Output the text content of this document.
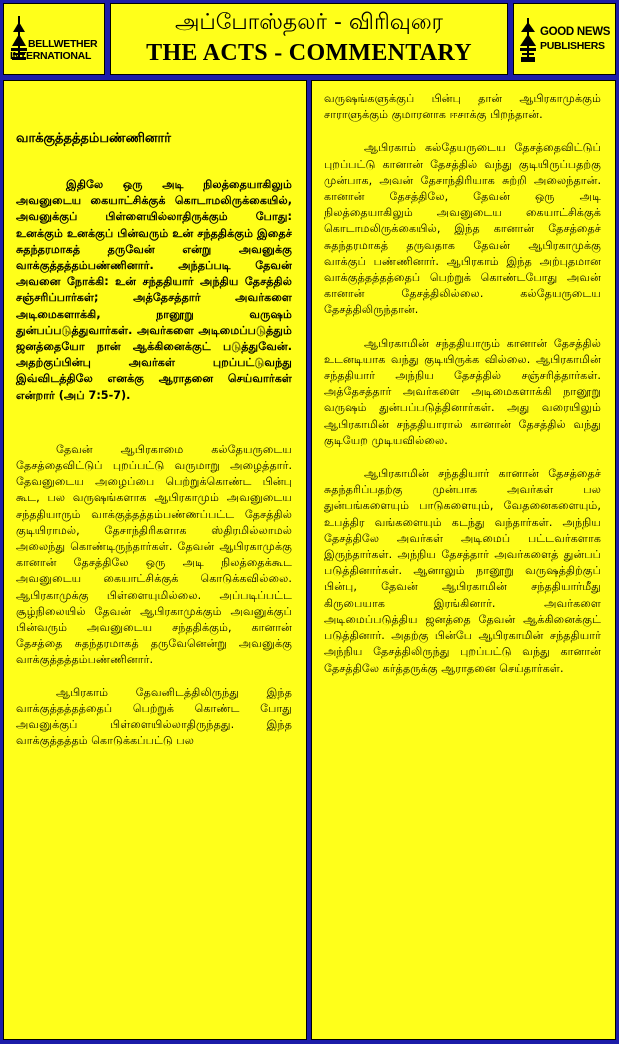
BELLWETHER
INTERNATIONAL
அப்போஸ்தலர் - விரிவுரை
THE ACTS - COMMENTARY
GOOD NEWS
PUBLISHERS
வாக்குத்தத்தம்பண்ணினார்

இதிலே ஒரு அடி நிலத்தையாகிலும் அவனுடைய கையாட்சிக்குக் கொடாமலிருக்கையில், அவனுக்குப் பிள்ளையில்லாதிருக்கும் போது: உனக்கும் உனக்குப் பின்வரும் உன் சந்ததிக்கும் இதைச் சுதந்தரமாகத் தருவேன் என்று அவனுக்கு வாக்குத்தத்தம்பண்ணினார். அந்தப்படி தேவன் அவனை நோக்கி: உன் சந்ததியார் அந்திய தேசத்தில் சஞ்சரிப்பார்கள்; அத்தேசத்தார் அவர்களை அடிமைகளாக்கி, நானூறு வருஷம் துன்பப்படுத்துவார்கள். அவர்களை அடிமைப்படுத்தும் ஜனத்தையோ நான் ஆக்கினைக்குட் படுத்துவேன். அதற்குப்பின்பு அவர்கள் புறப்பட்டுவந்து இவ்விடத்திலே எனக்கு ஆராதனை செய்வார்கள் என்றார் (அப் 7:5-7).

தேவன் ஆபிரகாமை கல்தேயருடைய தேசத்தைவிட்டுப் புறப்பட்டு வருமாறு அழைத்தார். தேவனுடைய அழைப்பை பெற்றுக்கொண்ட பின்பு கூட, பல வருஷங்களாக ஆபிரகாமும் அவனுடைய சந்ததியாரும் வாக்குத்தத்தம்பண்ணப்பட்ட தேசத்தில் குடியிராமல், தேசாந்திரிகளாக ஸ்திரமில்லாமல் அலைந்து கொண்டிருந்தார்கள். தேவன் ஆபிரகாமுக்கு கானான் தேசத்திலே ஒரு அடி நிலத்தைக்கூட அவனுடைய கையாட்சிக்குக் கொடுக்கவில்லை. ஆபிரகாமுக்கு பிள்ளையுமில்லை. அப்படிப்பட்ட சூழ்நிலையில் தேவன் ஆபிரகாமுக்கும் அவனுக்குப் பின்வரும் அவனுடைய சந்ததிக்கும், கானான் தேசத்தை சுதந்தரமாகத் தருவேனென்று அவனுக்கு வாக்குத்தத்தம்பண்ணினார்.

ஆபிரகாம் தேவனிடத்திலிருந்து இந்த வாக்குத்தத்தத்தைப் பெற்றுக் கொண்ட போது அவனுக்குப் பிள்ளையில்லாதிருந்தது. இந்த வாக்குத்தத்தம் கொடுக்கப்பட்டு பல

வருஷங்களுக்குப் பின்பு தான் ஆபிரகாமுக்கும் சாராளுக்கும் குமாரனாக ஈசாக்கு பிறந்தான்.

ஆபிரகாம் கல்தேயருடைய தேசத்தைவிட்டுப் புறப்பட்டு கானான் தேசத்தில் வந்து குடியிருப்பதற்கு முன்பாக, அவன் தேசாந்திரியாக சுற்றி அலைந்தான். கானான் தேசத்திலே, தேவன் ஒரு அடி நிலத்தையாகிலும் அவனுடைய கையாட்சிக்குக் கொடாமலிருக்கையில், இந்த கானான் தேசத்தைச் சுதந்தரமாகத் தருவதாக தேவன் ஆபிரகாமுக்கு வாக்குப் பண்ணினார். ஆபிரகாம் இந்த அற்புதமான வாக்குத்தத்தத்தைப் பெற்றுக் கொண்டபோது அவன் கானான் தேசத்திலில்லை. கல்தேயருடைய தேசத்திலிருந்தான்.

ஆபிரகாமின் சந்ததியாரும் கானான் தேசத்தில் உடனடியாக வந்து குடியிருக்க வில்லை. ஆபிரகாமின் சந்ததியார் அந்நிய தேசத்தில் சஞ்சரித்தார்கள். அத்தேசத்தார் அவர்களை அடிமைகளாக்கி நானூறு வருஷம் துன்பப்படுத்தினார்கள். அது வரையிலும் ஆபிரகாமின் சந்ததியாரால் கானான் தேசத்தில் வந்து குடியேற முடியவில்லை.

ஆபிரகாமின் சந்ததியார் கானான் தேசத்தைச் சுதந்தரிப்பதற்கு முன்பாக அவர்கள் பல துன்பங்களையும் பாடுகளையும், வேதனைகளையும், உபத்திர வங்களையும் கடந்து வந்தார்கள். அந்நிய தேசத்திலே அவர்கள் அடிமைப் பட்டவர்களாக இருந்தார்கள். அந்நிய தேசத்தார் அவர்களைத் துன்பப் படுத்தினார்கள். ஆனாலும் நானூறு வருஷத்திற்குப் பின்பு, தேவன் ஆபிரகாமின் சந்ததியார்மீது கிருபையாக இரங்கினார். அவர்களை அடிமைப்படுத்திய ஜனத்தை தேவன் ஆக்கினைக்குட் படுத்தினார். அதற்கு பின்பே ஆபிரகாமின் சந்ததியார் அந்நிய தேசத்திலிருந்து புறப்பட்டு வந்து கானான் தேசத்திலே கர்த்தருக்கு ஆராதனை செய்தார்கள்.
